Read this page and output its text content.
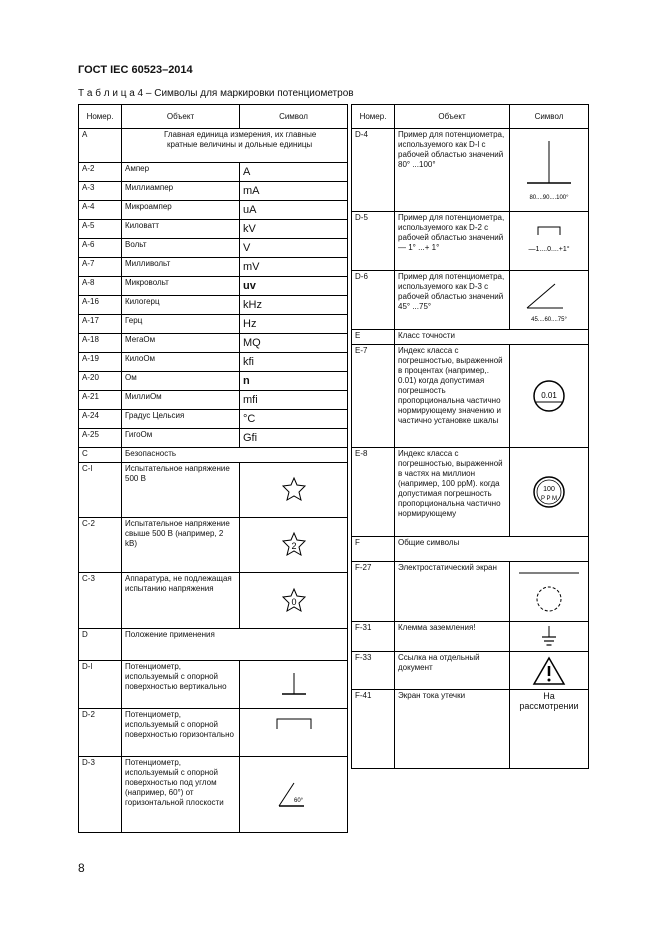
ГОСТ IEC 60523–2014
Т а б л и ц а 4 – Символы для маркировки потенциометров
Номер.	Объект	Символ
A	Главная единица измерения, их главные кратные величины и дольные единицы	
A-2	Ампер	A
A-3	Миллиампер	mA
A-4	Микроампер	uA
A-5	Киловатт	kV
A-6	Вольт	V
A-7	Милливольт	mV
A-8	Микровольт	uv
A-16	Килогерц	kHz
A-17	Герц	Hz
A-18	МегаОм	MQ
A-19	КилоОм	kfi
A-20	Ом	n
A-21	МиллиОм	mfi
A-24	Градус Цельсия	°C
A-25	ГигоОм	Gfi
C	Безопасность	
C-l	Испытательное напряжение 500 В	

C-2	Испытательное напряжение свыше 500 В (например, 2 kB)	2

C-3	Аппаратура, не подлежащая испытанию напряжения	0

D	Положение применения	
D-l	Потенциометр, используемый с опорной поверхностью вертикально	

D-2	Потенциометр, используемый с опорной поверхностью горизонтально	

D-3	Потенциометр, используемый с опорной поверхностью под углом (например, 60°) от горизонтальной плоскости	60°
Номер.	Объект	Символ
D-4	Пример для потенциометра, используемого как D-l с рабочей областью значений 80° ...100°	80....90....100°

D-5	Пример для потенциометра, используемого как D-2 с рабочей областью значений — 1° ...+ 1°	—1....0....+1°

D-6	Пример для потенциометра, используемого как D-3 с рабочей областью значений 45° ...75°	45....60....75°

E	Класс точности	
E-7	Индекс класса с погрешностью, выраженной в процентах (например,. 0.01) когда допустимая погрешность пропорциональна частично нормирующему значению и частично установке шкалы	0.01

E-8	Индекс класса с погрешностью, выраженной в частях на миллион (например, 100 ррМ). когда допустимая погрешность пропорциональна частично нормирующему	100
P P M

F	Общие символы	
F-27	Электростатический экран	

F-31	Клемма заземления!	

F-33	Ссылка на отдельный документ	

F-41	Экран тока утечки	На рассмотрении
8
